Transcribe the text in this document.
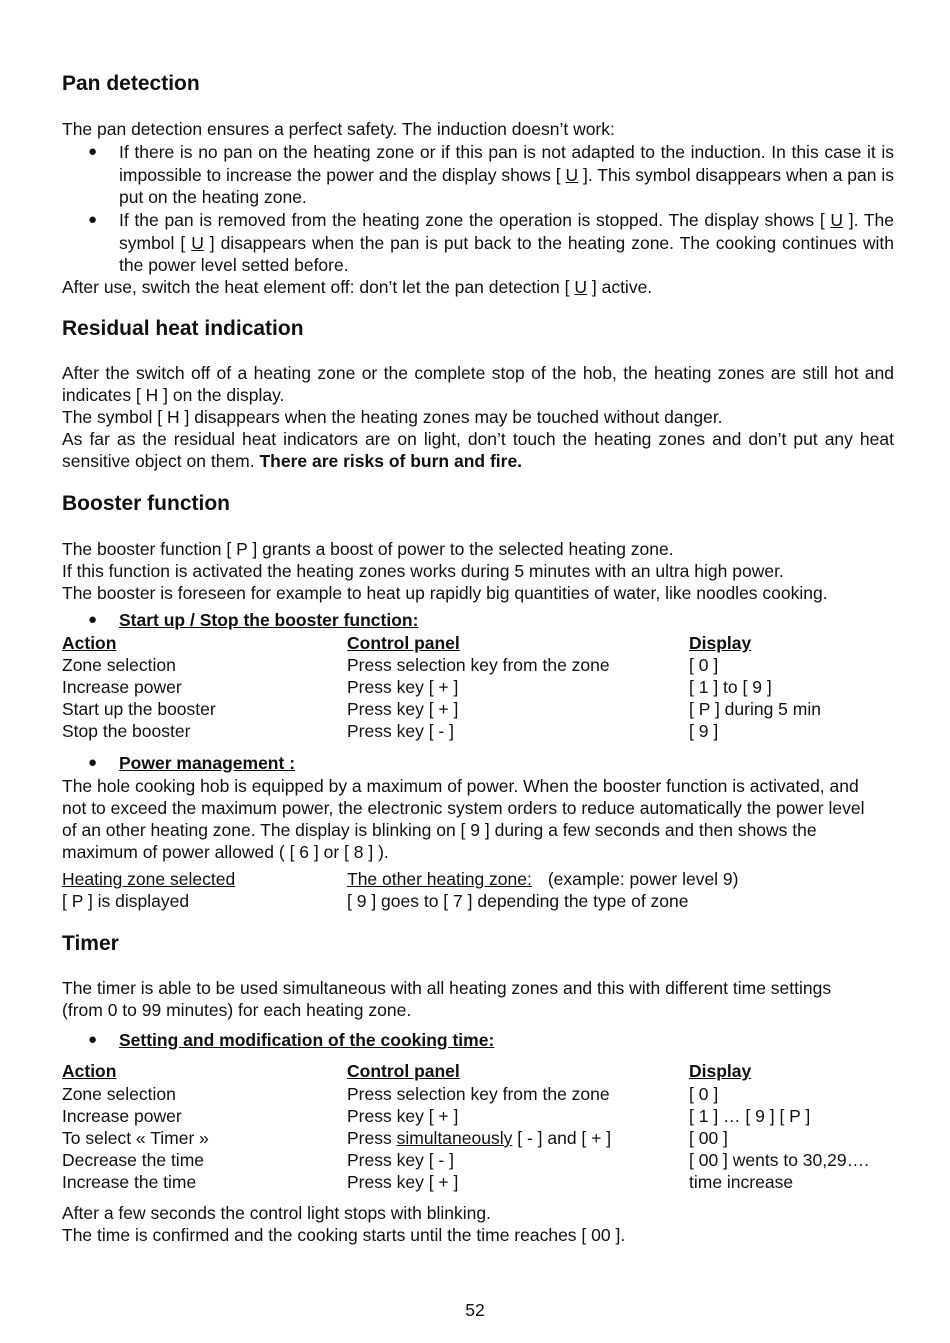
Pan detection

The pan detection ensures a perfect safety. The induction doesn’t work:

● If there is no pan on the heating zone or if this pan is not adapted to the induction. In this case it is impossible to increase the power and the display shows [ U ]. This symbol disappears when a pan is put on the heating zone.
● If the pan is removed from the heating zone the operation is stopped. The display shows [ U ]. The symbol [ U ] disappears when the pan is put back to the heating zone. The cooking continues with the power level setted before.

After use, switch the heat element off: don’t let the pan detection [ U ] active.

Residual heat indication

After the switch off of a heating zone or the complete stop of the hob, the heating zones are still hot and indicates [ H ] on the display.

The symbol [ H ] disappears when the heating zones may be touched without danger.

As far as the residual heat indicators are on light, don’t touch the heating zones and don’t put any heat sensitive object on them. There are risks of burn and fire.

Booster function

The booster function [ P ] grants a boost of power to the selected heating zone.

If this function is activated the heating zones works during 5 minutes with an ultra high power.

The booster is foreseen for example to heat up rapidly big quantities of water, like noodles cooking.

● Start up / Stop the booster function:
Action	Control panel	Display
Zone selection	Press selection key from the zone	[ 0 ]
Increase power	Press key [ + ]	[ 1 ] to [ 9 ]
Start up the booster	Press key [ + ]	[ P ] during 5 min
Stop the booster	Press key [ - ]	[ 9 ]
● Power management :

The hole cooking hob is equipped by a maximum of power. When the booster function is activated, and not to exceed the maximum power, the electronic system orders to reduce automatically the power level of an other heating zone. The display is blinking on [ 9 ] during a few seconds and then shows the maximum of power allowed ( [ 6 ] or [ 8 ] ).

Heating zone selected	The other heating zone: (example: power level 9)
[ P ] is displayed	[ 9 ] goes to [ 7 ] depending the type of zone
Timer

The timer is able to be used simultaneous with all heating zones and this with different time settings (from 0 to 99 minutes) for each heating zone.

● Setting and modification of the cooking time:
Action	Control panel	Display
Zone selection	Press selection key from the zone	[ 0 ]
Increase power	Press key [ + ]	[ 1 ] … [ 9 ] [ P ]
To select « Timer »	Press simultaneously [ - ] and [ + ]	[ 00 ]
Decrease the time	Press key [ - ]	[ 00 ] wents to 30,29….
Increase the time	Press key [ + ]	time increase

After a few seconds the control light stops with blinking.

The time is confirmed and the cooking starts until the time reaches [ 00 ].

52
